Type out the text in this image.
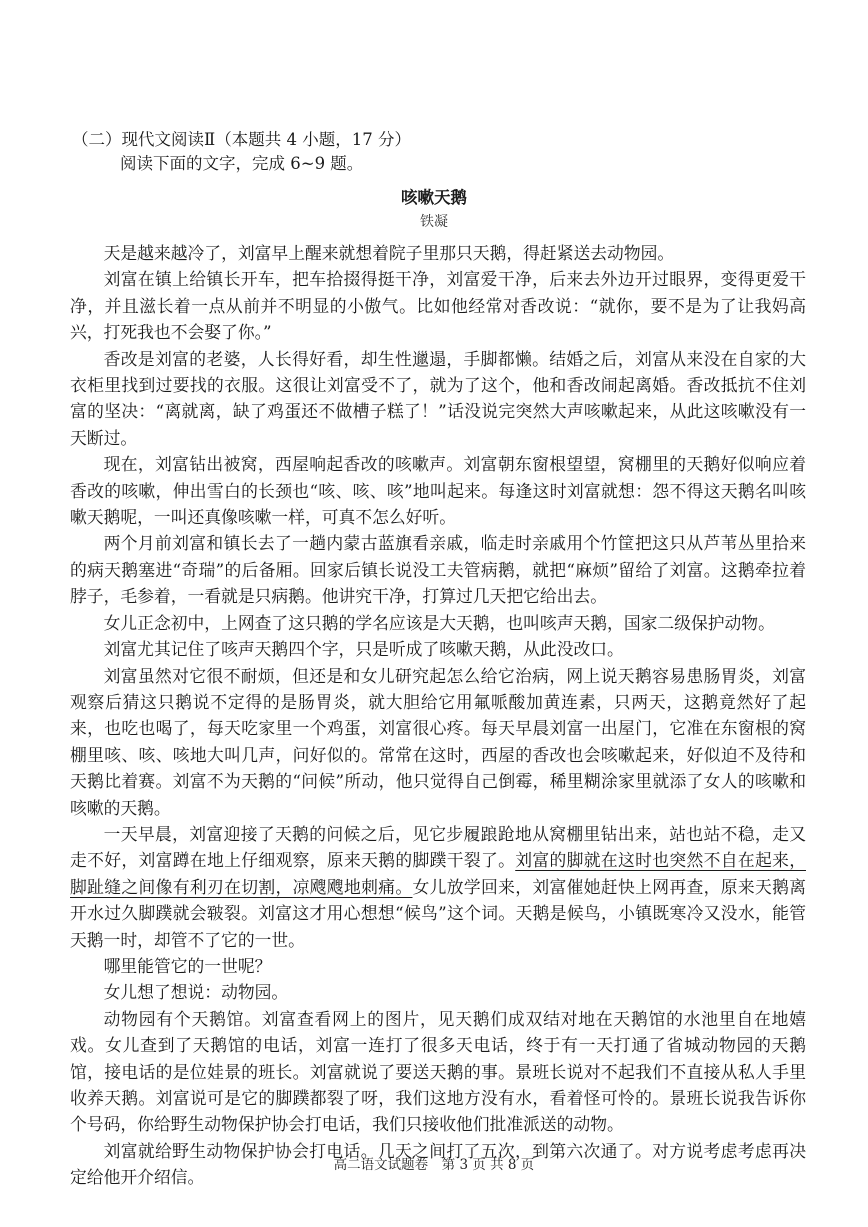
（二）现代文阅读Ⅱ（本题共 4 小题，17 分）
阅读下面的文字，完成 6~9 题。
咳嗽天鹅
铁凝

天是越来越冷了，刘富早上醒来就想着院子里那只天鹅，得赶紧送去动物园。

刘富在镇上给镇长开车，把车拾掇得挺干净，刘富爱干净，后来去外边开过眼界，变得更爱干净，并且滋长着一点从前并不明显的小傲气。比如他经常对香改说：“就你，要不是为了让我妈高兴，打死我也不会娶了你。”

香改是刘富的老婆，人长得好看，却生性邋遢，手脚都懒。结婚之后，刘富从来没在自家的大衣柜里找到过要找的衣服。这很让刘富受不了，就为了这个，他和香改闹起离婚。香改抵抗不住刘富的坚决：“离就离，缺了鸡蛋还不做槽子糕了！”话没说完突然大声咳嗽起来，从此这咳嗽没有一天断过。

现在，刘富钻出被窝，西屋响起香改的咳嗽声。刘富朝东窗根望望，窝棚里的天鹅好似响应着香改的咳嗽，伸出雪白的长颈也“咳、咳、咳”地叫起来。每逢这时刘富就想：怨不得这天鹅名叫咳嗽天鹅呢，一叫还真像咳嗽一样，可真不怎么好听。

两个月前刘富和镇长去了一趟内蒙古蓝旗看亲戚，临走时亲戚用个竹筐把这只从芦苇丛里拾来的病天鹅塞进“奇瑞”的后备厢。回家后镇长说没工夫管病鹅，就把“麻烦”留给了刘富。这鹅牵拉着脖子，毛参着，一看就是只病鹅。他讲究干净，打算过几天把它给出去。

女儿正念初中，上网查了这只鹅的学名应该是大天鹅，也叫咳声天鹅，国家二级保护动物。

刘富尤其记住了咳声天鹅四个字，只是听成了咳嗽天鹅，从此没改口。

刘富虽然对它很不耐烦，但还是和女儿研究起怎么给它治病，网上说天鹅容易患肠胃炎，刘富观察后猜这只鹅说不定得的是肠胃炎，就大胆给它用氟哌酸加黄连素，只两天，这鹅竟然好了起来，也吃也喝了，每天吃家里一个鸡蛋，刘富很心疼。每天早晨刘富一出屋门，它准在东窗根的窝棚里咳、咳、咳地大叫几声，问好似的。常常在这时，西屋的香改也会咳嗽起来，好似迫不及待和天鹅比着赛。刘富不为天鹅的“问候”所动，他只觉得自己倒霉，稀里糊涂家里就添了女人的咳嗽和咳嗽的天鹅。

一天早晨，刘富迎接了天鹅的问候之后，见它步履踉跄地从窝棚里钻出来，站也站不稳，走又走不好，刘富蹲在地上仔细观察，原来天鹅的脚蹼干裂了。刘富的脚就在这时也突然不自在起来，脚趾缝之间像有利刃在切割，凉飕飕地刺痛。女儿放学回来，刘富催她赶快上网再查，原来天鹅离开水过久脚蹼就会皲裂。刘富这才用心想想“候鸟”这个词。天鹅是候鸟，小镇既寒冷又没水，能管天鹅一时，却管不了它的一世。

哪里能管它的一世呢？

女儿想了想说：动物园。

动物园有个天鹅馆。刘富查看网上的图片，见天鹅们成双结对地在天鹅馆的水池里自在地嬉戏。女儿查到了天鹅馆的电话，刘富一连打了很多天电话，终于有一天打通了省城动物园的天鹅馆，接电话的是位娃景的班长。刘富就说了要送天鹅的事。景班长说对不起我们不直接从私人手里收养天鹅。刘富说可是它的脚蹼都裂了呀，我们这地方没有水，看着怪可怜的。景班长说我告诉你个号码，你给野生动物保护协会打电话，我们只接收他们批准派送的动物。

刘富就给野生动物保护协会打电话。几天之间打了五次，到第六次通了。对方说考虑考虑再决定给他开介绍信。

高二语文试题卷　第 3 页 共 8 页
